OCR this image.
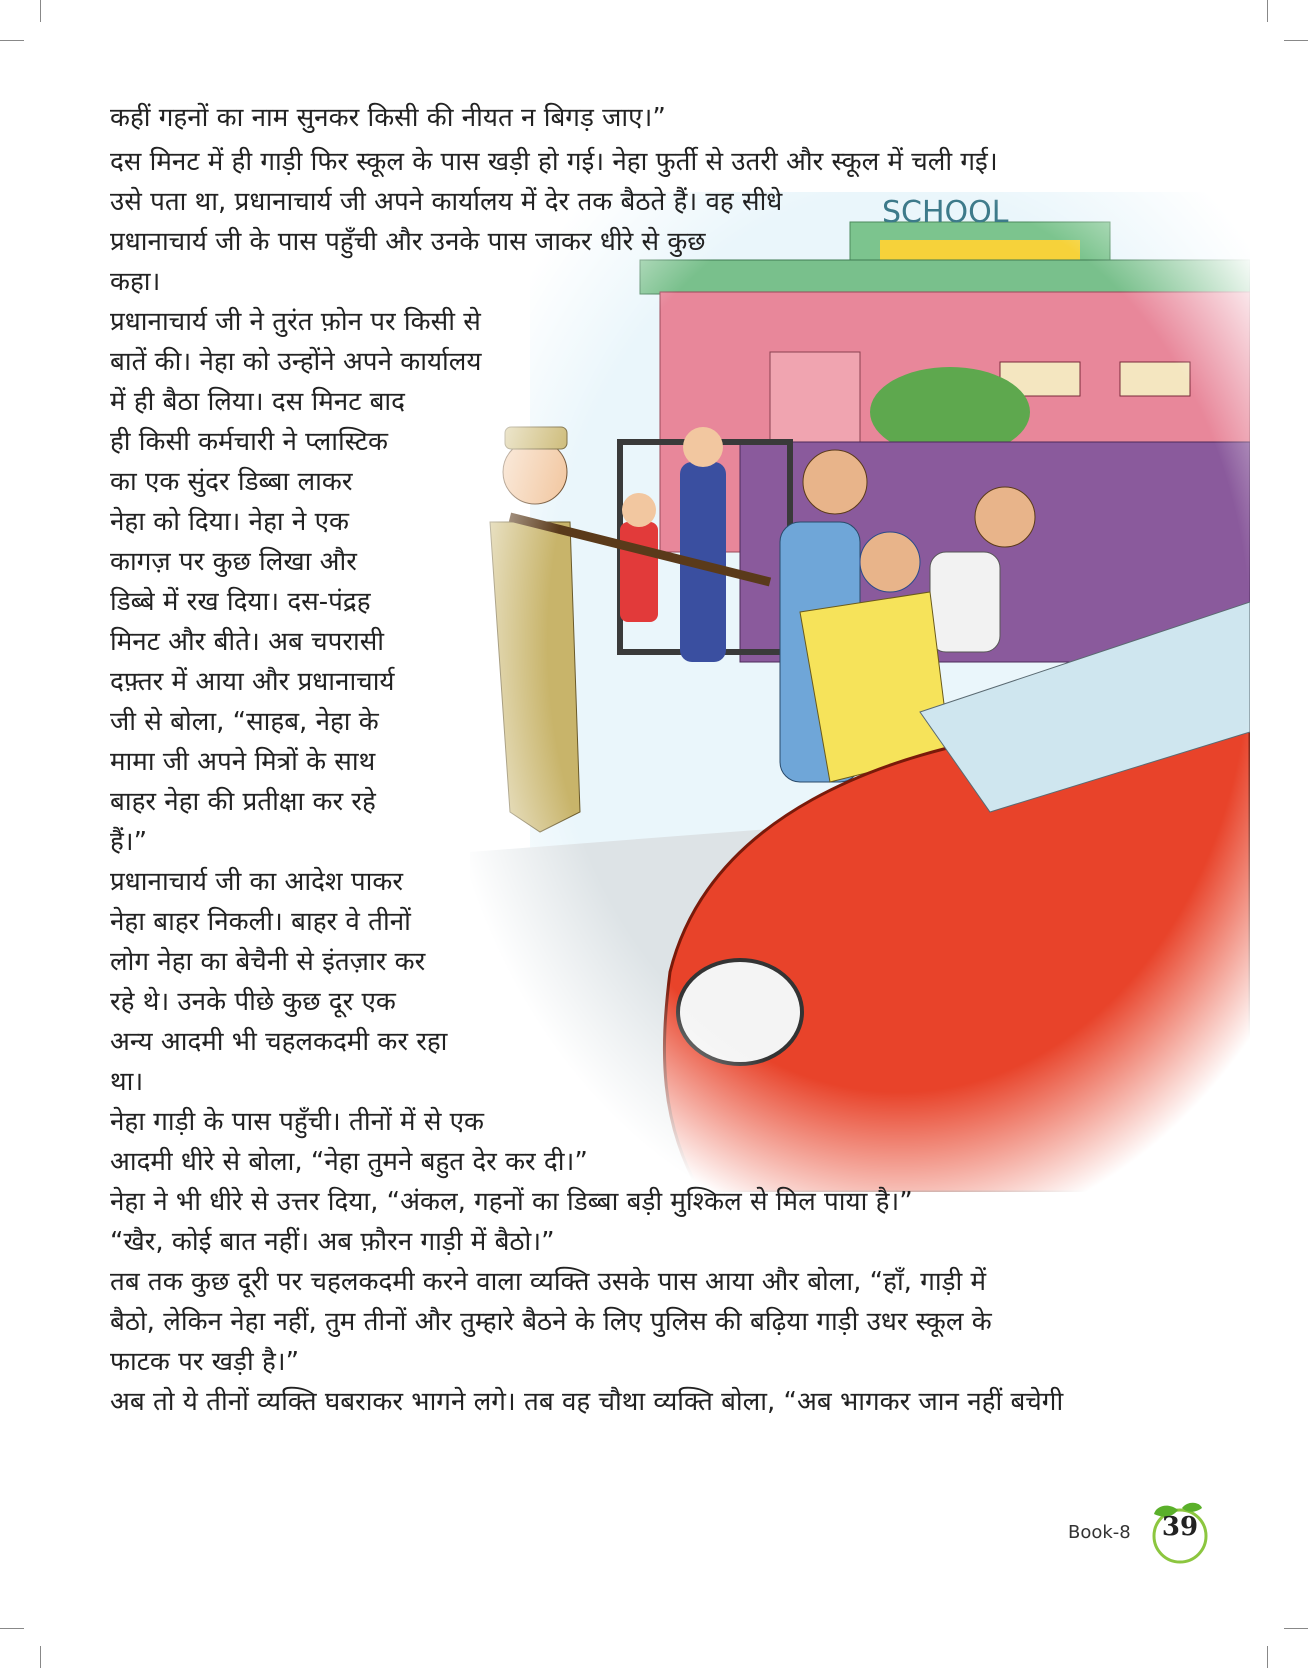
कहीं गहनों का नाम सुनकर किसी की नीयत न बिगड़ जाए।”
दस मिनट में ही गाड़ी फिर स्कूल के पास खड़ी हो गई। नेहा फुर्ती से उतरी और स्कूल में चली गई।
उसे पता था, प्रधानाचार्य जी अपने कार्यालय में देर तक बैठते हैं। वह सीधे
प्रधानाचार्य जी के पास पहुँची और उनके पास जाकर धीरे से कुछ
कहा।
प्रधानाचार्य जी ने तुरंत फ़ोन पर किसी से
बातें की। नेहा को उन्होंने अपने कार्यालय
में ही बैठा लिया। दस मिनट बाद
ही किसी कर्मचारी ने प्लास्टिक
का एक सुंदर डिब्बा लाकर
नेहा को दिया। नेहा ने एक
कागज़ पर कुछ लिखा और
डिब्बे में रख दिया। दस-पंद्रह
मिनट और बीते। अब चपरासी
दफ़्तर में आया और प्रधानाचार्य
जी से बोला, “साहब, नेहा के
मामा जी अपने मित्रों के साथ
बाहर नेहा की प्रतीक्षा कर रहे
हैं।”
प्रधानाचार्य जी का आदेश पाकर
नेहा बाहर निकली। बाहर वे तीनों
लोग नेहा का बेचैनी से इंतज़ार कर
रहे थे। उनके पीछे कुछ दूर एक
अन्य आदमी भी चहलकदमी कर रहा
था।
नेहा गाड़ी के पास पहुँची। तीनों में से एक
आदमी धीरे से बोला, “नेहा तुमने बहुत देर कर दी।”
नेहा ने भी धीरे से उत्तर दिया, “अंकल, गहनों का डिब्बा बड़ी मुश्किल से मिल पाया है।”
“खैर, कोई बात नहीं। अब फ़ौरन गाड़ी में बैठो।”
तब तक कुछ दूरी पर चहलकदमी करने वाला व्यक्ति उसके पास आया और बोला, “हाँ, गाड़ी में
बैठो, लेकिन नेहा नहीं, तुम तीनों और तुम्हारे बैठने के लिए पुलिस की बढ़िया गाड़ी उधर स्कूल के
फाटक पर खड़ी है।”
अब तो ये तीनों व्यक्ति घबराकर भागने लगे। तब वह चौथा व्यक्ति बोला, “अब भागकर जान नहीं बचेगी
Book-8	39
